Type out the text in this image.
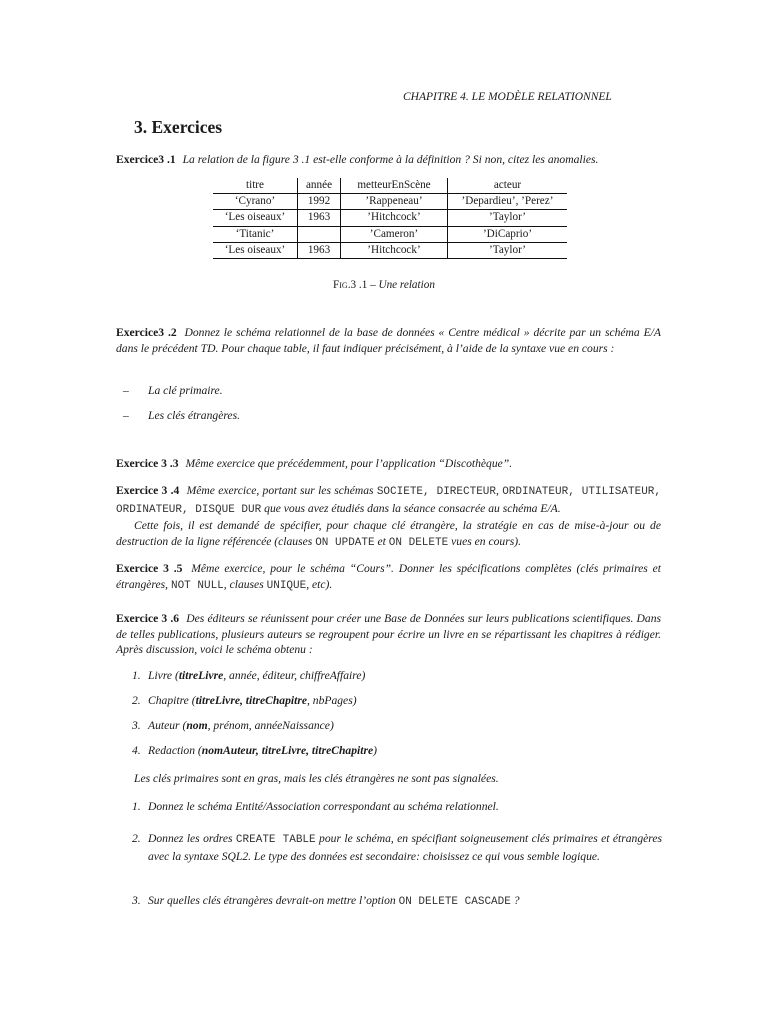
CHAPITRE 4. LE MODÈLE RELATIONNEL
3. Exercices
Exercice3 .1 La relation de la figure 3 .1 est-elle conforme à la définition ? Si non, citez les anomalies.
titre	année	metteurEnScène	acteur
‘Cyrano’	1992	’Rappeneau’	’Depardieu’, ’Perez’
‘Les oiseaux’	1963	’Hitchcock’	’Taylor’
‘Titanic’		’Cameron’	’DiCaprio’
‘Les oiseaux’	1963	’Hitchcock’	’Taylor’
Fig.3 .1 – Une relation
Exercice3 .2 Donnez le schéma relationnel de la base de données « Centre médical » décrite par un schéma E/A dans le précédent TD. Pour chaque table, il faut indiquer précisément, à l’aide de la syntaxe vue en cours :
– La clé primaire.
– Les clés étrangères.
Exercice 3 .3 Même exercice que précédemment, pour l’application “Discothèque”.
Exercice 3 .4 Même exercice, portant sur les schémas SOCIETE, DIRECTEUR, ORDINATEUR, UTILISATEUR, ORDINATEUR, DISQUE DUR que vous avez étudiés dans la séance consacrée au schéma E/A.
Cette fois, il est demandé de spécifier, pour chaque clé étrangère, la stratégie en cas de mise-à-jour ou de destruction de la ligne référencée (clauses ON UPDATE et ON DELETE vues en cours).
Exercice 3 .5 Même exercice, pour le schéma “Cours”. Donner les spécifications complètes (clés primaires et étrangères, NOT NULL, clauses UNIQUE, etc).
Exercice 3 .6 Des éditeurs se réunissent pour créer une Base de Données sur leurs publications scientifiques. Dans de telles publications, plusieurs auteurs se regroupent pour écrire un livre en se répartissant les chapitres à rédiger. Après discussion, voici le schéma obtenu :
1. Livre (titreLivre, année, éditeur, chiffreAffaire)
2. Chapitre (titreLivre, titreChapitre, nbPages)
3. Auteur (nom, prénom, annéeNaissance)
4. Redaction (nomAuteur, titreLivre, titreChapitre)
Les clés primaires sont en gras, mais les clés étrangères ne sont pas signalées.
1. Donnez le schéma Entité/Association correspondant au schéma relationnel.
2. Donnez les ordres CREATE TABLE pour le schéma, en spécifiant soigneusement clés primaires et étrangères avec la syntaxe SQL2. Le type des données est secondaire: choisissez ce qui vous semble logique.
3. Sur quelles clés étrangères devrait-on mettre l’option ON DELETE CASCADE ?
